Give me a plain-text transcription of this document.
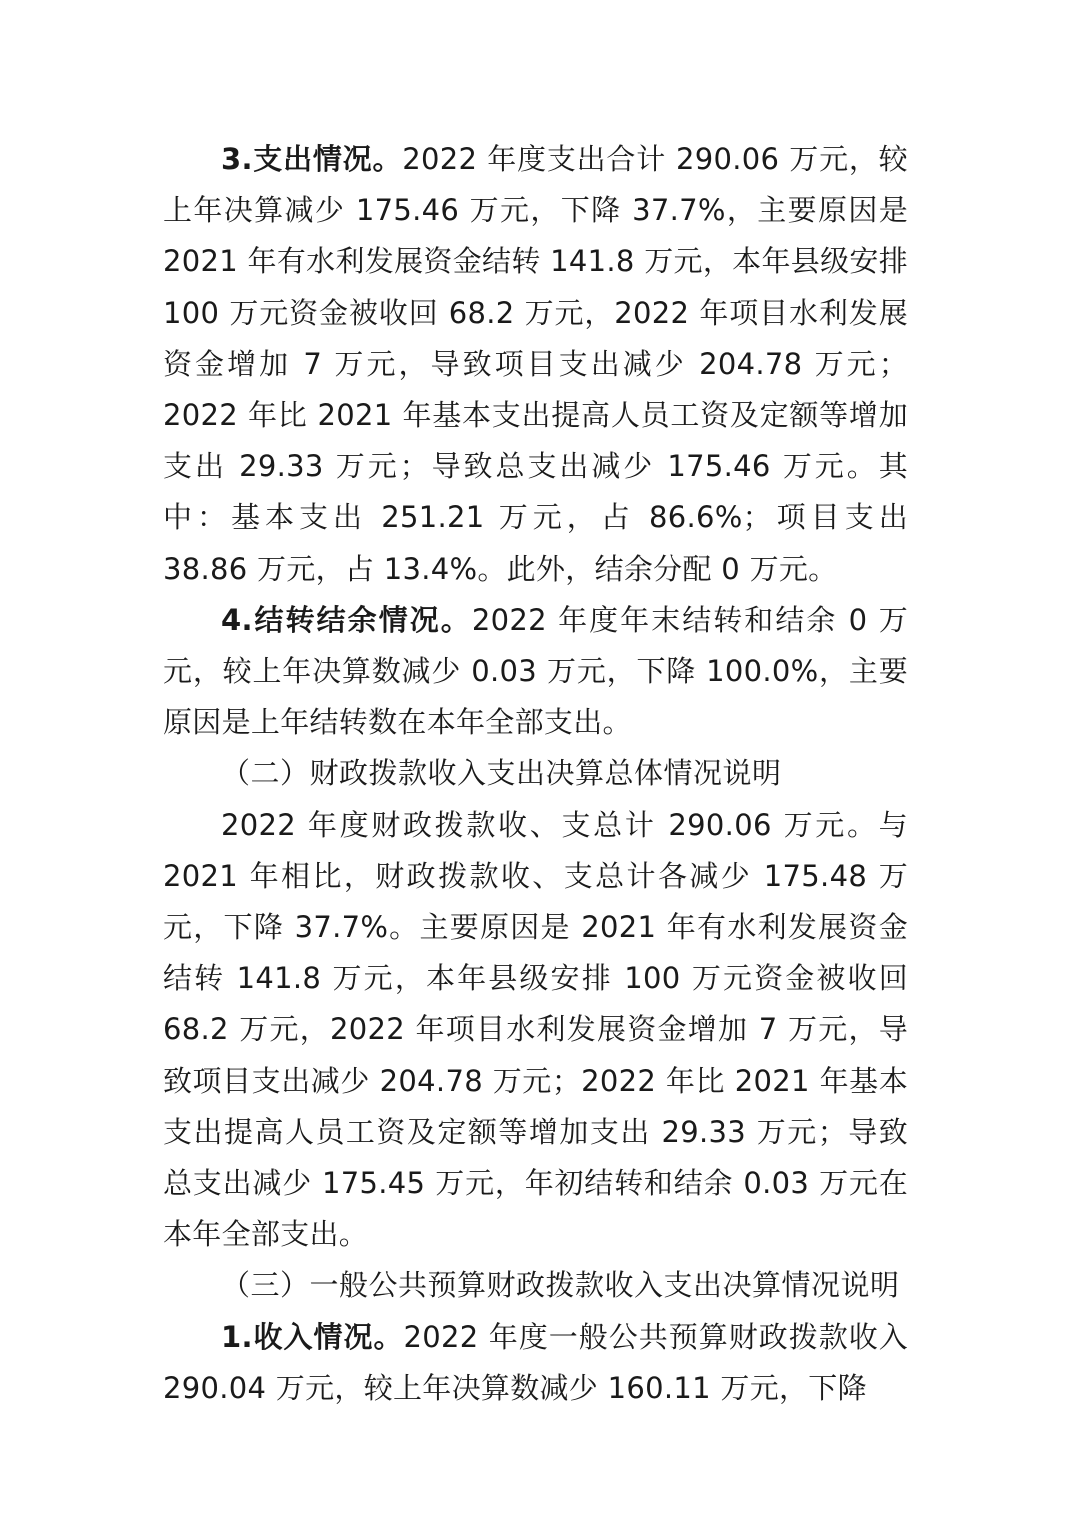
3.支出情况。2022 年度支出合计 290.06 万元，较上年决算减少 175.46 万元，下降 37.7%，主要原因是 2021 年有水利发展资金结转 141.8 万元，本年县级安排 100 万元资金被收回 68.2 万元，2022 年项目水利发展资金增加 7 万元，导致项目支出减少 204.78 万元；2022 年比 2021 年基本支出提高人员工资及定额等增加支出 29.33 万元；导致总支出减少 175.46 万元。其中：基本支出 251.21 万元，占 86.6%；项目支出 38.86 万元，占 13.4%。此外，结余分配 0 万元。

4.结转结余情况。2022 年度年末结转和结余 0 万元，较上年决算数减少 0.03 万元，下降 100.0%，主要原因是上年结转数在本年全部支出。

（二）财政拨款收入支出决算总体情况说明

2022 年度财政拨款收、支总计 290.06 万元。与 2021 年相比，财政拨款收、支总计各减少 175.48 万元，下降 37.7%。主要原因是 2021 年有水利发展资金结转 141.8 万元，本年县级安排 100 万元资金被收回 68.2 万元，2022 年项目水利发展资金增加 7 万元，导致项目支出减少 204.78 万元；2022 年比 2021 年基本支出提高人员工资及定额等增加支出 29.33 万元；导致总支出减少 175.45 万元，年初结转和结余 0.03 万元在本年全部支出。

（三）一般公共预算财政拨款收入支出决算情况说明

1.收入情况。2022 年度一般公共预算财政拨款收入 290.04 万元，较上年决算数减少 160.11 万元，下降
